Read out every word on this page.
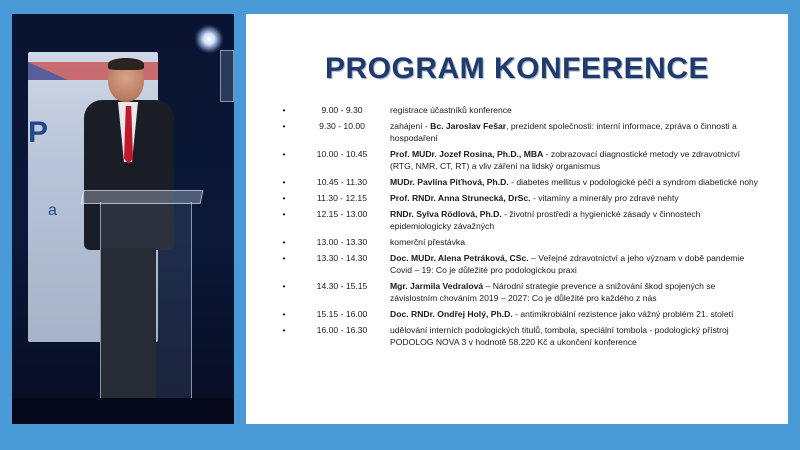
P
a
PROGRAM KONFERENCE
•	9.00 - 9.30	registrace účastníků konference
•	9.30 - 10.00	zahájení - Bc. Jaroslav Fešar, prezident společnosti: interní informace, zpráva o činnosti a hospodaření
•	10.00 - 10.45	Prof. MUDr. Jozef Rosina, Ph.D., MBA - zobrazovací diagnostické metody ve zdravotnictví (RTG, NMR, CT, RT) a vliv záření na lidský organismus
•	10.45 - 11.30	MUDr. Pavlína Piťhová, Ph.D. - diabetes mellitus v podologické péči a syndrom diabetické nohy
•	11.30 - 12.15	Prof. RNDr. Anna Strunecká, DrSc. - vitamíny a minerály pro zdravé nehty
•	12.15 - 13.00	RNDr. Sylva Rödlová, Ph.D. - životní prostředí a hygienické zásady v činnostech epidemiologicky závažných
•	13.00 - 13.30	komerční přestávka
•	13.30 - 14.30	Doc. MUDr. Alena Petráková, CSc. – Veřejné zdravotnictví a jeho význam v době pandemie Covid – 19: Co je důležité pro podologickou praxi
•	14.30 - 15.15	Mgr. Jarmila Vedralová – Národní strategie prevence a snižování škod spojených se závislostním chováním 2019 – 2027: Co je důležité pro každého z nás
•	15.15 - 16.00	Doc. RNDr. Ondřej Holý, Ph.D. - antimikrobiální rezistence jako vážný problém 21. století
•	16.00 - 16.30	udělování interních podologických titulů, tombola, speciální tombola - podologický přístroj PODOLOG NOVA 3 v hodnotě 58.220 Kč a ukončení konference
